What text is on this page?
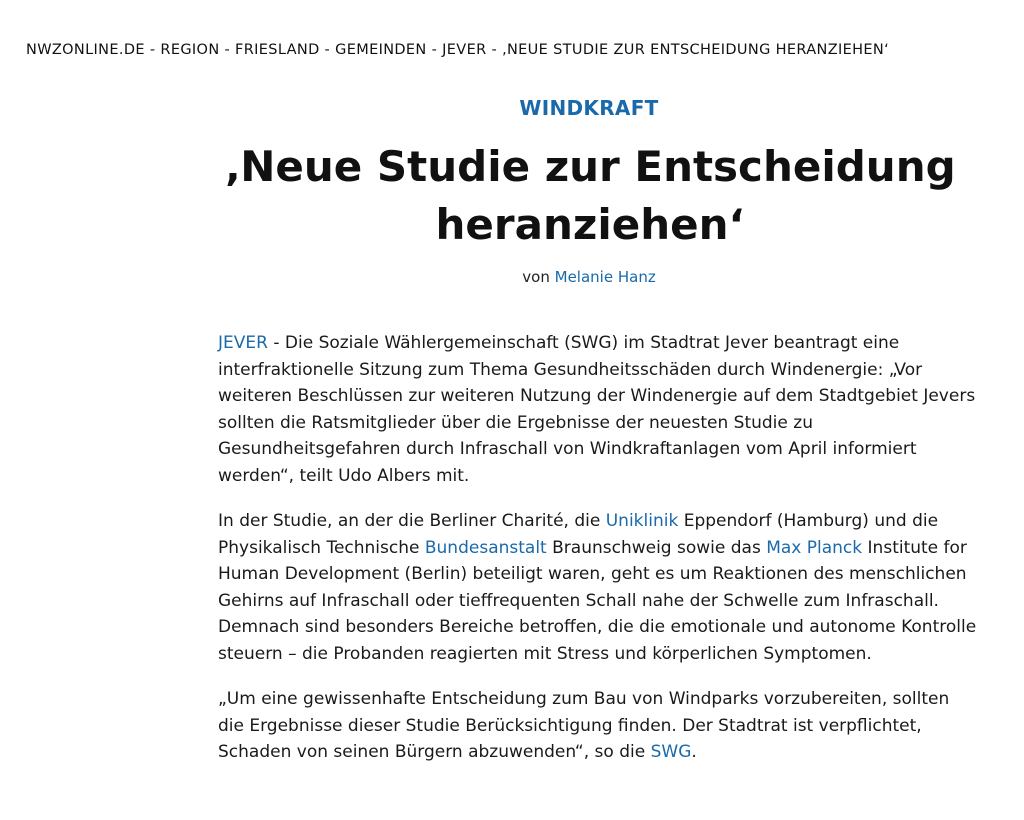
NWZONLINE.DE - REGION - FRIESLAND - GEMEINDEN - JEVER - ‚NEUE STUDIE ZUR ENTSCHEIDUNG HERANZIEHEN‘
WINDKRAFT
‚Neue Studie zur Entscheidung heranziehen‘
von Melanie Hanz

JEVER - Die Soziale Wählergemeinschaft (SWG) im Stadtrat Jever beantragt eine interfraktionelle Sitzung zum Thema Gesundheitsschäden durch Windenergie: „Vor weiteren Beschlüssen zur weiteren Nutzung der Windenergie auf dem Stadtgebiet Jevers sollten die Ratsmitglieder über die Ergebnisse der neuesten Studie zu Gesundheitsgefahren durch Infraschall von Windkraftanlagen vom April informiert werden“, teilt Udo Albers mit.

In der Studie, an der die Berliner Charité, die Uniklinik Eppendorf (Hamburg) und die Physikalisch Technische Bundesanstalt Braunschweig sowie das Max Planck Institute for Human Development (Berlin) beteiligt waren, geht es um Reaktionen des menschlichen Gehirns auf Infraschall oder tieffrequenten Schall nahe der Schwelle zum Infraschall. Demnach sind besonders Bereiche betroffen, die die emotionale und autonome Kontrolle steuern – die Probanden reagierten mit Stress und körperlichen Symptomen.

„Um eine gewissenhafte Entscheidung zum Bau von Windparks vorzubereiten, sollten die Ergebnisse dieser Studie Berücksichtigung finden. Der Stadtrat ist verpflichtet, Schaden von seinen Bürgern abzuwenden“, so die SWG.
